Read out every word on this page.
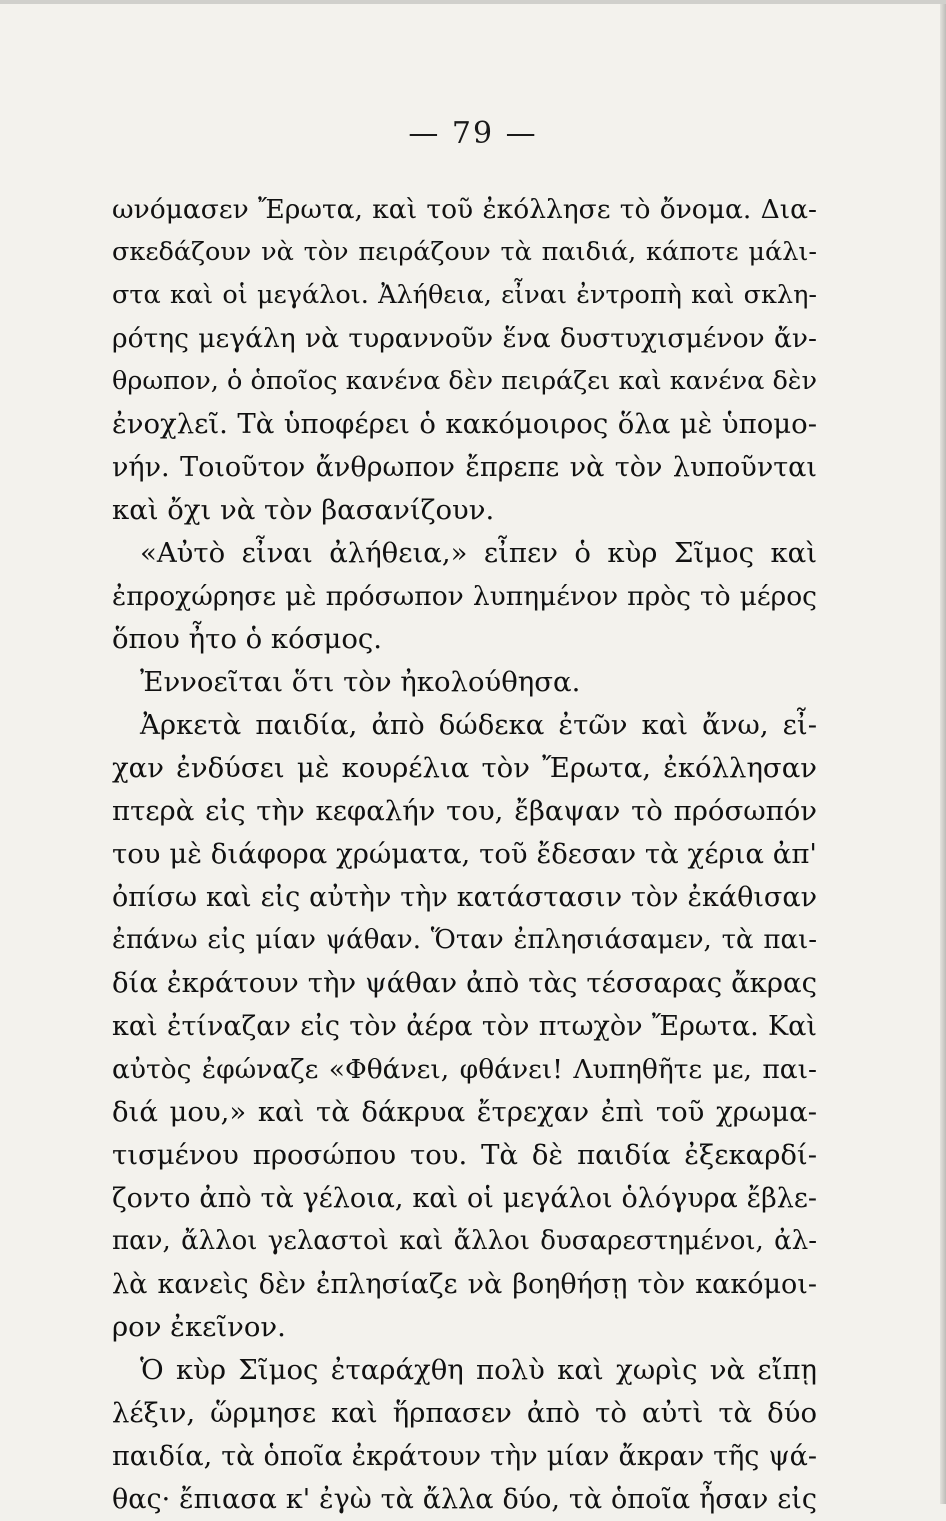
— 79 —
ωνόμασεν Ἔρωτα, καὶ τοῦ ἐκόλλησε τὸ ὄνομα. Δια-
σκεδάζουν νὰ τὸν πειράζουν τὰ παιδιά, κάποτε μάλι-
στα καὶ οἱ μεγάλοι. Ἀλήθεια, εἶναι ἐντροπὴ καὶ σκλη-
ρότης μεγάλη νὰ τυραννοῦν ἕνα δυστυχισμένον ἄν-
θρωπον, ὁ ὁποῖος κανένα δὲν πειράζει καὶ κανένα δὲν
ἐνοχλεῖ. Τὰ ὑποφέρει ὁ κακόμοιρος ὅλα μὲ ὑπομο-
νήν. Τοιοῦτον ἄνθρωπον ἔπρεπε νὰ τὸν λυποῦνται
καὶ ὄχι νὰ τὸν βασανίζουν.
«Αὐτὸ εἶναι ἀλήθεια,» εἶπεν ὁ κὺρ Σῖμος καὶ
ἐπροχώρησε μὲ πρόσωπον λυπημένον πρὸς τὸ μέρος
ὅπου ἦτο ὁ κόσμος.
Ἐννοεῖται ὅτι τὸν ἠκολούθησα.
Ἀρκετὰ παιδία, ἀπὸ δώδεκα ἐτῶν καὶ ἄνω, εἶ-
χαν ἐνδύσει μὲ κουρέλια τὸν Ἔρωτα, ἐκόλλησαν
πτερὰ εἰς τὴν κεφαλήν του, ἔβαψαν τὸ πρόσωπόν
του μὲ διάφορα χρώματα, τοῦ ἔδεσαν τὰ χέρια ἀπ'
ὀπίσω καὶ εἰς αὐτὴν τὴν κατάστασιν τὸν ἐκάθισαν
ἐπάνω εἰς μίαν ψάθαν. Ὅταν ἐπλησιάσαμεν, τὰ παι-
δία ἐκράτουν τὴν ψάθαν ἀπὸ τὰς τέσσαρας ἄκρας
καὶ ἐτίναζαν εἰς τὸν ἀέρα τὸν πτωχὸν Ἔρωτα. Καὶ
αὐτὸς ἐφώναζε «Φθάνει, φθάνει! Λυπηθῆτε με, παι-
διά μου,» καὶ τὰ δάκρυα ἔτρεχαν ἐπὶ τοῦ χρωμα-
τισμένου προσώπου του. Τὰ δὲ παιδία ἐξεκαρδί-
ζοντο ἀπὸ τὰ γέλοια, καὶ οἱ μεγάλοι ὁλόγυρα ἔβλε-
παν, ἄλλοι γελαστοὶ καὶ ἄλλοι δυσαρεστημένοι, ἀλ-
λὰ κανεὶς δὲν ἐπλησίαζε νὰ βοηθήσῃ τὸν κακόμοι-
ρον ἐκεῖνον.
Ὁ κὺρ Σῖμος ἐταράχθη πολὺ καὶ χωρὶς νὰ εἴπῃ
λέξιν, ὥρμησε καὶ ἥρπασεν ἀπὸ τὸ αὐτὶ τὰ δύο
παιδία, τὰ ὁποῖα ἐκράτουν τὴν μίαν ἄκραν τῆς ψά-
θας· ἔπιασα κ' ἐγὼ τὰ ἄλλα δύο, τὰ ὁποῖα ἦσαν εἰς
